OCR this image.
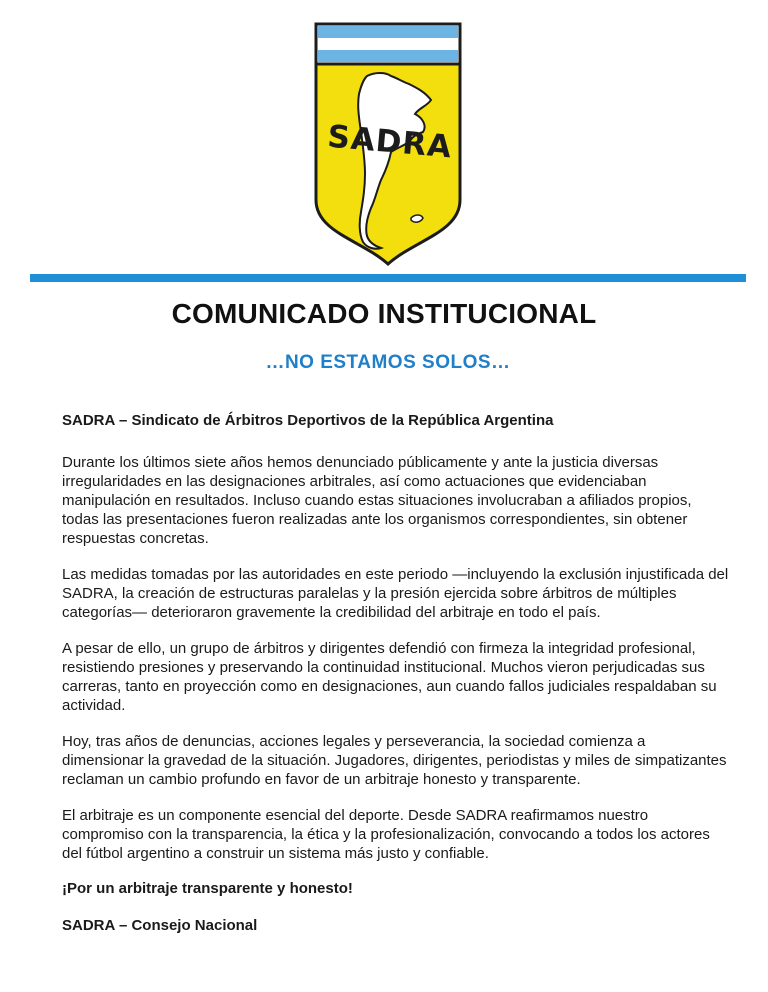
SADRA
COMUNICADO INSTITUCIONAL
…NO ESTAMOS SOLOS…

SADRA – Sindicato de Árbitros Deportivos de la República Argentina

Durante los últimos siete años hemos denunciado públicamente y ante la justicia diversas irregularidades en las designaciones arbitrales, así como actuaciones que evidenciaban manipulación en resultados. Incluso cuando estas situaciones involucraban a afiliados propios, todas las presentaciones fueron realizadas ante los organismos correspondientes, sin obtener respuestas concretas.

Las medidas tomadas por las autoridades en este periodo —incluyendo la exclusión injustificada del SADRA, la creación de estructuras paralelas y la presión ejercida sobre árbitros de múltiples categorías— deterioraron gravemente la credibilidad del arbitraje en todo el país.

A pesar de ello, un grupo de árbitros y dirigentes defendió con firmeza la integridad profesional, resistiendo presiones y preservando la continuidad institucional. Muchos vieron perjudicadas sus carreras, tanto en proyección como en designaciones, aun cuando fallos judiciales respaldaban su actividad.

Hoy, tras años de denuncias, acciones legales y perseverancia, la sociedad comienza a dimensionar la gravedad de la situación. Jugadores, dirigentes, periodistas y miles de simpatizantes reclaman un cambio profundo en favor de un arbitraje honesto y transparente.

El arbitraje es un componente esencial del deporte. Desde SADRA reafirmamos nuestro compromiso con la transparencia, la ética y la profesionalización, convocando a todos los actores del fútbol argentino a construir un sistema más justo y confiable.

¡Por un arbitraje transparente y honesto!

SADRA – Consejo Nacional
